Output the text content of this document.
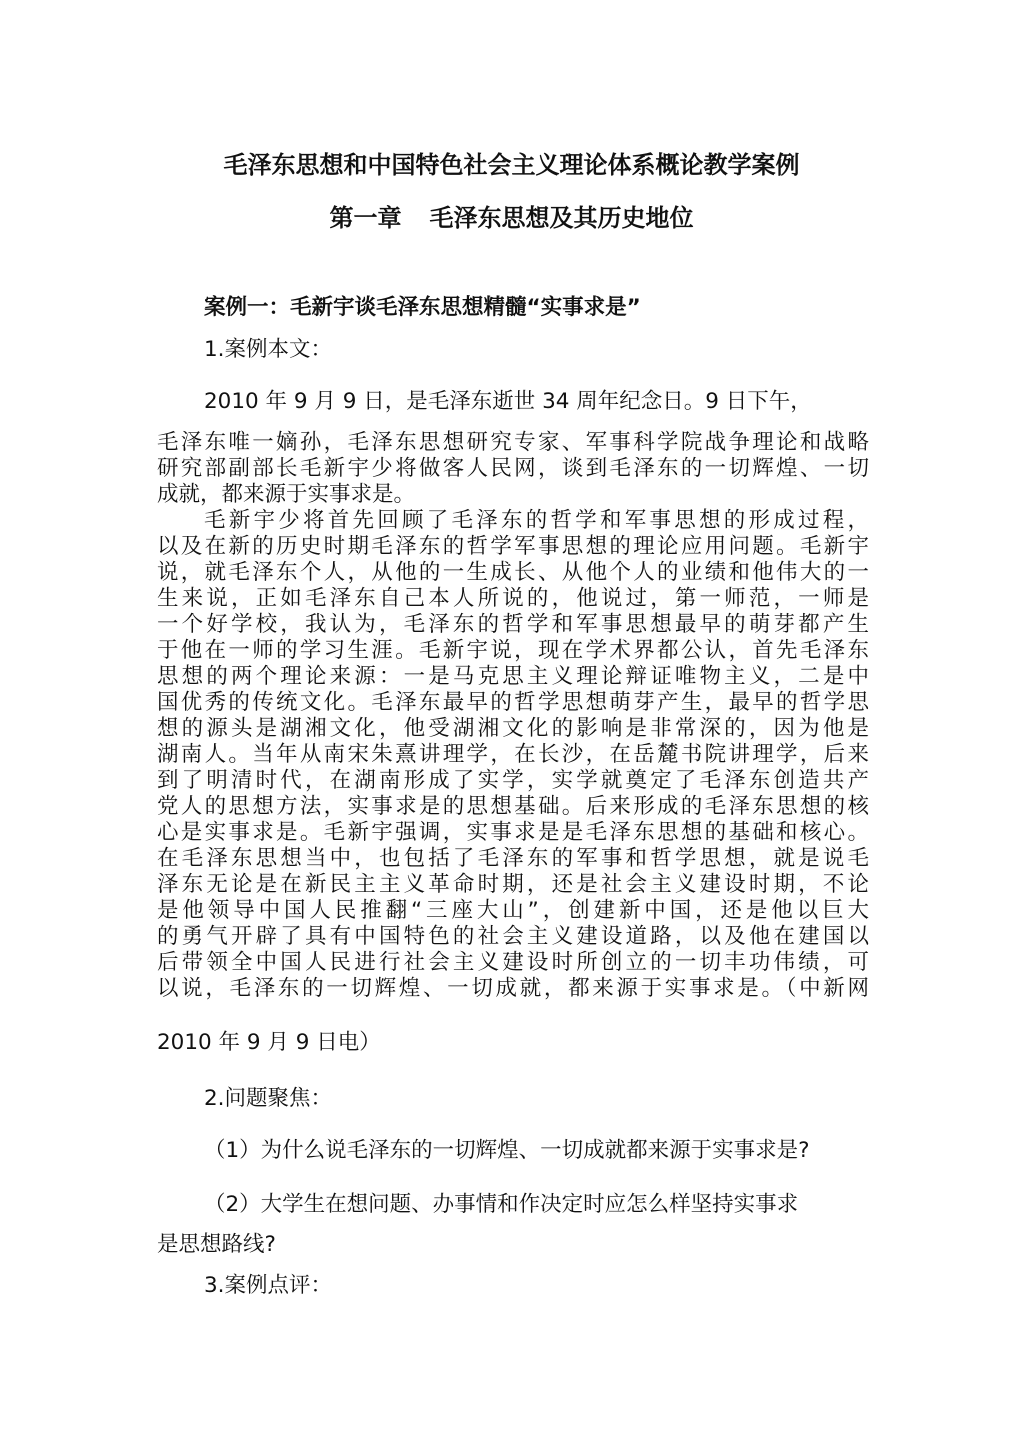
毛泽东思想和中国特色社会主义理论体系概论教学案例
第一章 毛泽东思想及其历史地位
案例一：毛新宇谈毛泽东思想精髓“实事求是”
1.案例本文：
2010 年 9 月 9 日，是毛泽东逝世 34 周年纪念日。9 日下午，
毛泽东唯一嫡孙，毛泽东思想研究专家、军事科学院战争理论和战略
研究部副部长毛新宇少将做客人民网，谈到毛泽东的一切辉煌、一切
成就，都来源于实事求是。
毛新宇少将首先回顾了毛泽东的哲学和军事思想的形成过程，
以及在新的历史时期毛泽东的哲学军事思想的理论应用问题。毛新宇
说，就毛泽东个人，从他的一生成长、从他个人的业绩和他伟大的一
生来说，正如毛泽东自己本人所说的，他说过，第一师范，一师是
一个好学校，我认为，毛泽东的哲学和军事思想最早的萌芽都产生
于他在一师的学习生涯。毛新宇说，现在学术界都公认，首先毛泽东
思想的两个理论来源：一是马克思主义理论辩证唯物主义，二是中
国优秀的传统文化。毛泽东最早的哲学思想萌芽产生，最早的哲学思
想的源头是湖湘文化，他受湖湘文化的影响是非常深的，因为他是
湖南人。当年从南宋朱熹讲理学，在长沙，在岳麓书院讲理学，后来
到了明清时代，在湖南形成了实学，实学就奠定了毛泽东创造共产
党人的思想方法，实事求是的思想基础。后来形成的毛泽东思想的核
心是实事求是。毛新宇强调，实事求是是毛泽东思想的基础和核心。
在毛泽东思想当中，也包括了毛泽东的军事和哲学思想，就是说毛
泽东无论是在新民主主义革命时期，还是社会主义建设时期，不论
是他领导中国人民推翻“三座大山”，创建新中国，还是他以巨大
的勇气开辟了具有中国特色的社会主义建设道路，以及他在建国以
后带领全中国人民进行社会主义建设时所创立的一切丰功伟绩，可
以说，毛泽东的一切辉煌、一切成就，都来源于实事求是。（中新网
2010 年 9 月 9 日电）
2.问题聚焦：
（1）为什么说毛泽东的一切辉煌、一切成就都来源于实事求是?
（2）大学生在想问题、办事情和作决定时应怎么样坚持实事求
是思想路线?
3.案例点评：
